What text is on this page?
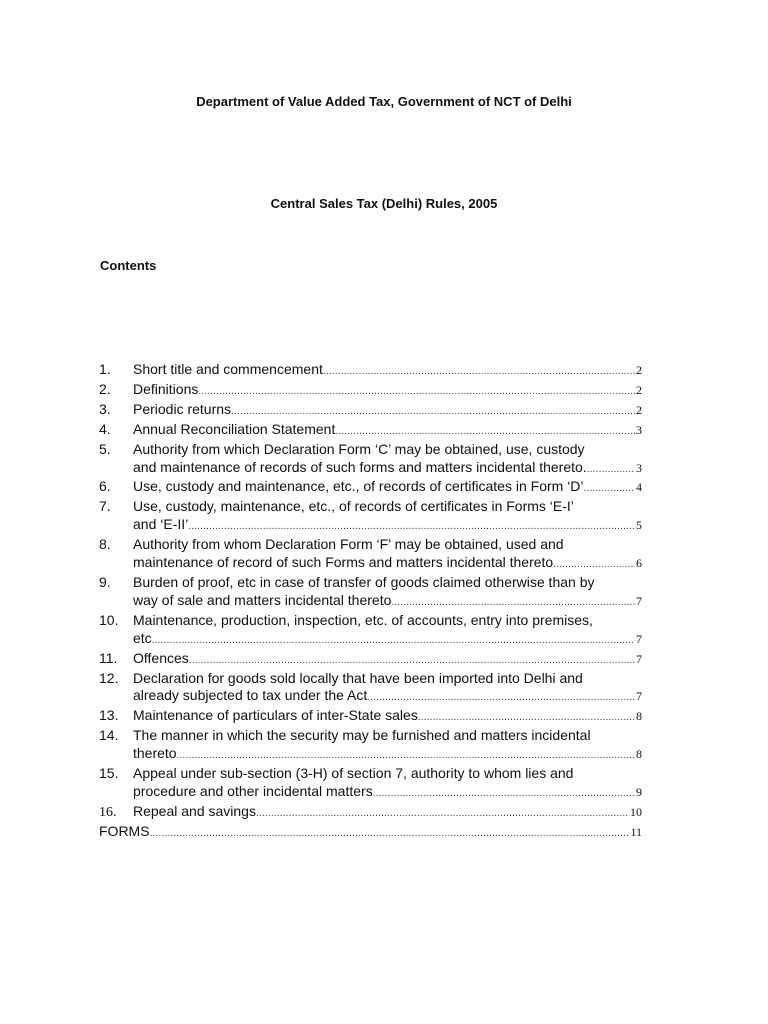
Department of Value Added Tax, Government of NCT of Delhi
Central Sales Tax (Delhi) Rules, 2005
Contents
1.	Short title and commencement .....	2
2.	Definitions .....	2
3.	Periodic returns .....	2
4.	Annual Reconciliation Statement .....	3
5.	Authority from which Declaration Form ‘C’ may be obtained, use, custody
and maintenance of records of such forms and matters incidental thereto. .....	3
6.	Use, custody and maintenance, etc., of records of certificates in Form ‘D’ .....	4
7.	Use, custody, maintenance, etc., of records of certificates in Forms ‘E-I’
and ‘E-II’ .....	5
8.	Authority from whom Declaration Form ‘F’ may be obtained, used and
maintenance of record of such Forms and matters incidental thereto .....	6
9.	Burden of proof, etc in case of transfer of goods claimed otherwise than by
way of sale and matters incidental thereto .....	7
10.	Maintenance, production, inspection, etc. of accounts, entry into premises,
etc .....	7
11.	Offences .....	7
12.	Declaration for goods sold locally that have been imported into Delhi and
already subjected to tax under the Act .....	7
13.	Maintenance of particulars of inter-State sales .....	8
14.	The manner in which the security may be furnished and matters incidental
thereto .....	8
15.	Appeal under sub-section (3-H) of section 7, authority to whom lies and
procedure and other incidental matters .....	9
16.	Repeal and savings .....	10
FORMS .....	11
